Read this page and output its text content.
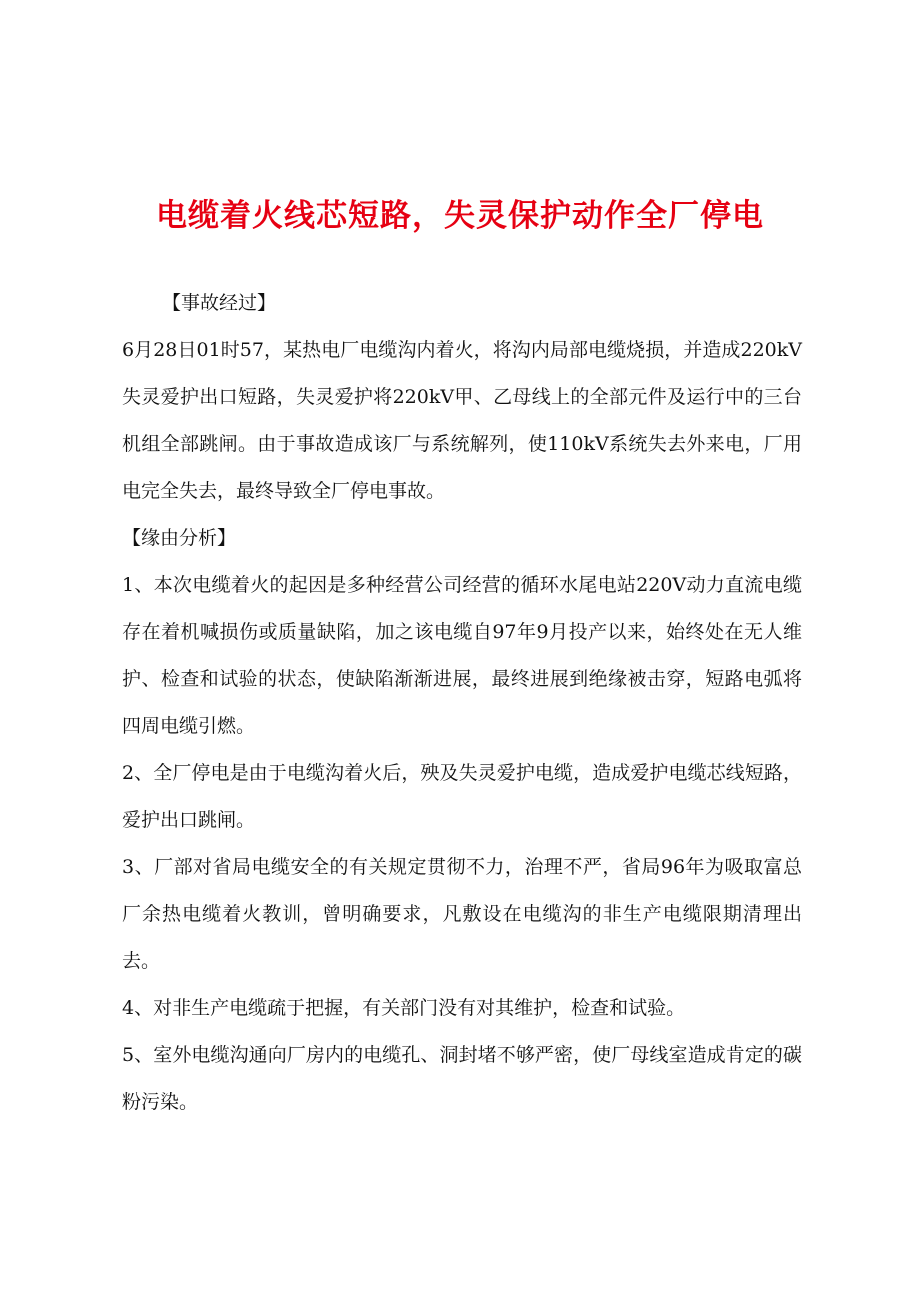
电缆着火线芯短路，失灵保护动作全厂停电

【事故经过】

6月28日01时57，某热电厂电缆沟内着火，将沟内局部电缆烧损，并造成220kV失灵爱护出口短路，失灵爱护将220kV甲、乙母线上的全部元件及运行中的三台机组全部跳闸。由于事故造成该厂与系统解列，使110kV系统失去外来电，厂用电完全失去，最终导致全厂停电事故。

【缘由分析】

1、本次电缆着火的起因是多种经营公司经营的循环水尾电站220V动力直流电缆存在着机喊损伤或质量缺陷，加之该电缆自97年9月投产以来，始终处在无人维护、检查和试验的状态，使缺陷渐渐进展，最终进展到绝缘被击穿，短路电弧将四周电缆引燃。

2、全厂停电是由于电缆沟着火后，殃及失灵爱护电缆，造成爱护电缆芯线短路，爱护出口跳闸。

3、厂部对省局电缆安全的有关规定贯彻不力，治理不严，省局96年为吸取富总厂余热电缆着火教训，曾明确要求，凡敷设在电缆沟的非生产电缆限期清理出去。

4、对非生产电缆疏于把握，有关部门没有对其维护，检查和试验。

5、室外电缆沟通向厂房内的电缆孔、洞封堵不够严密，使厂母线室造成肯定的碳粉污染。
